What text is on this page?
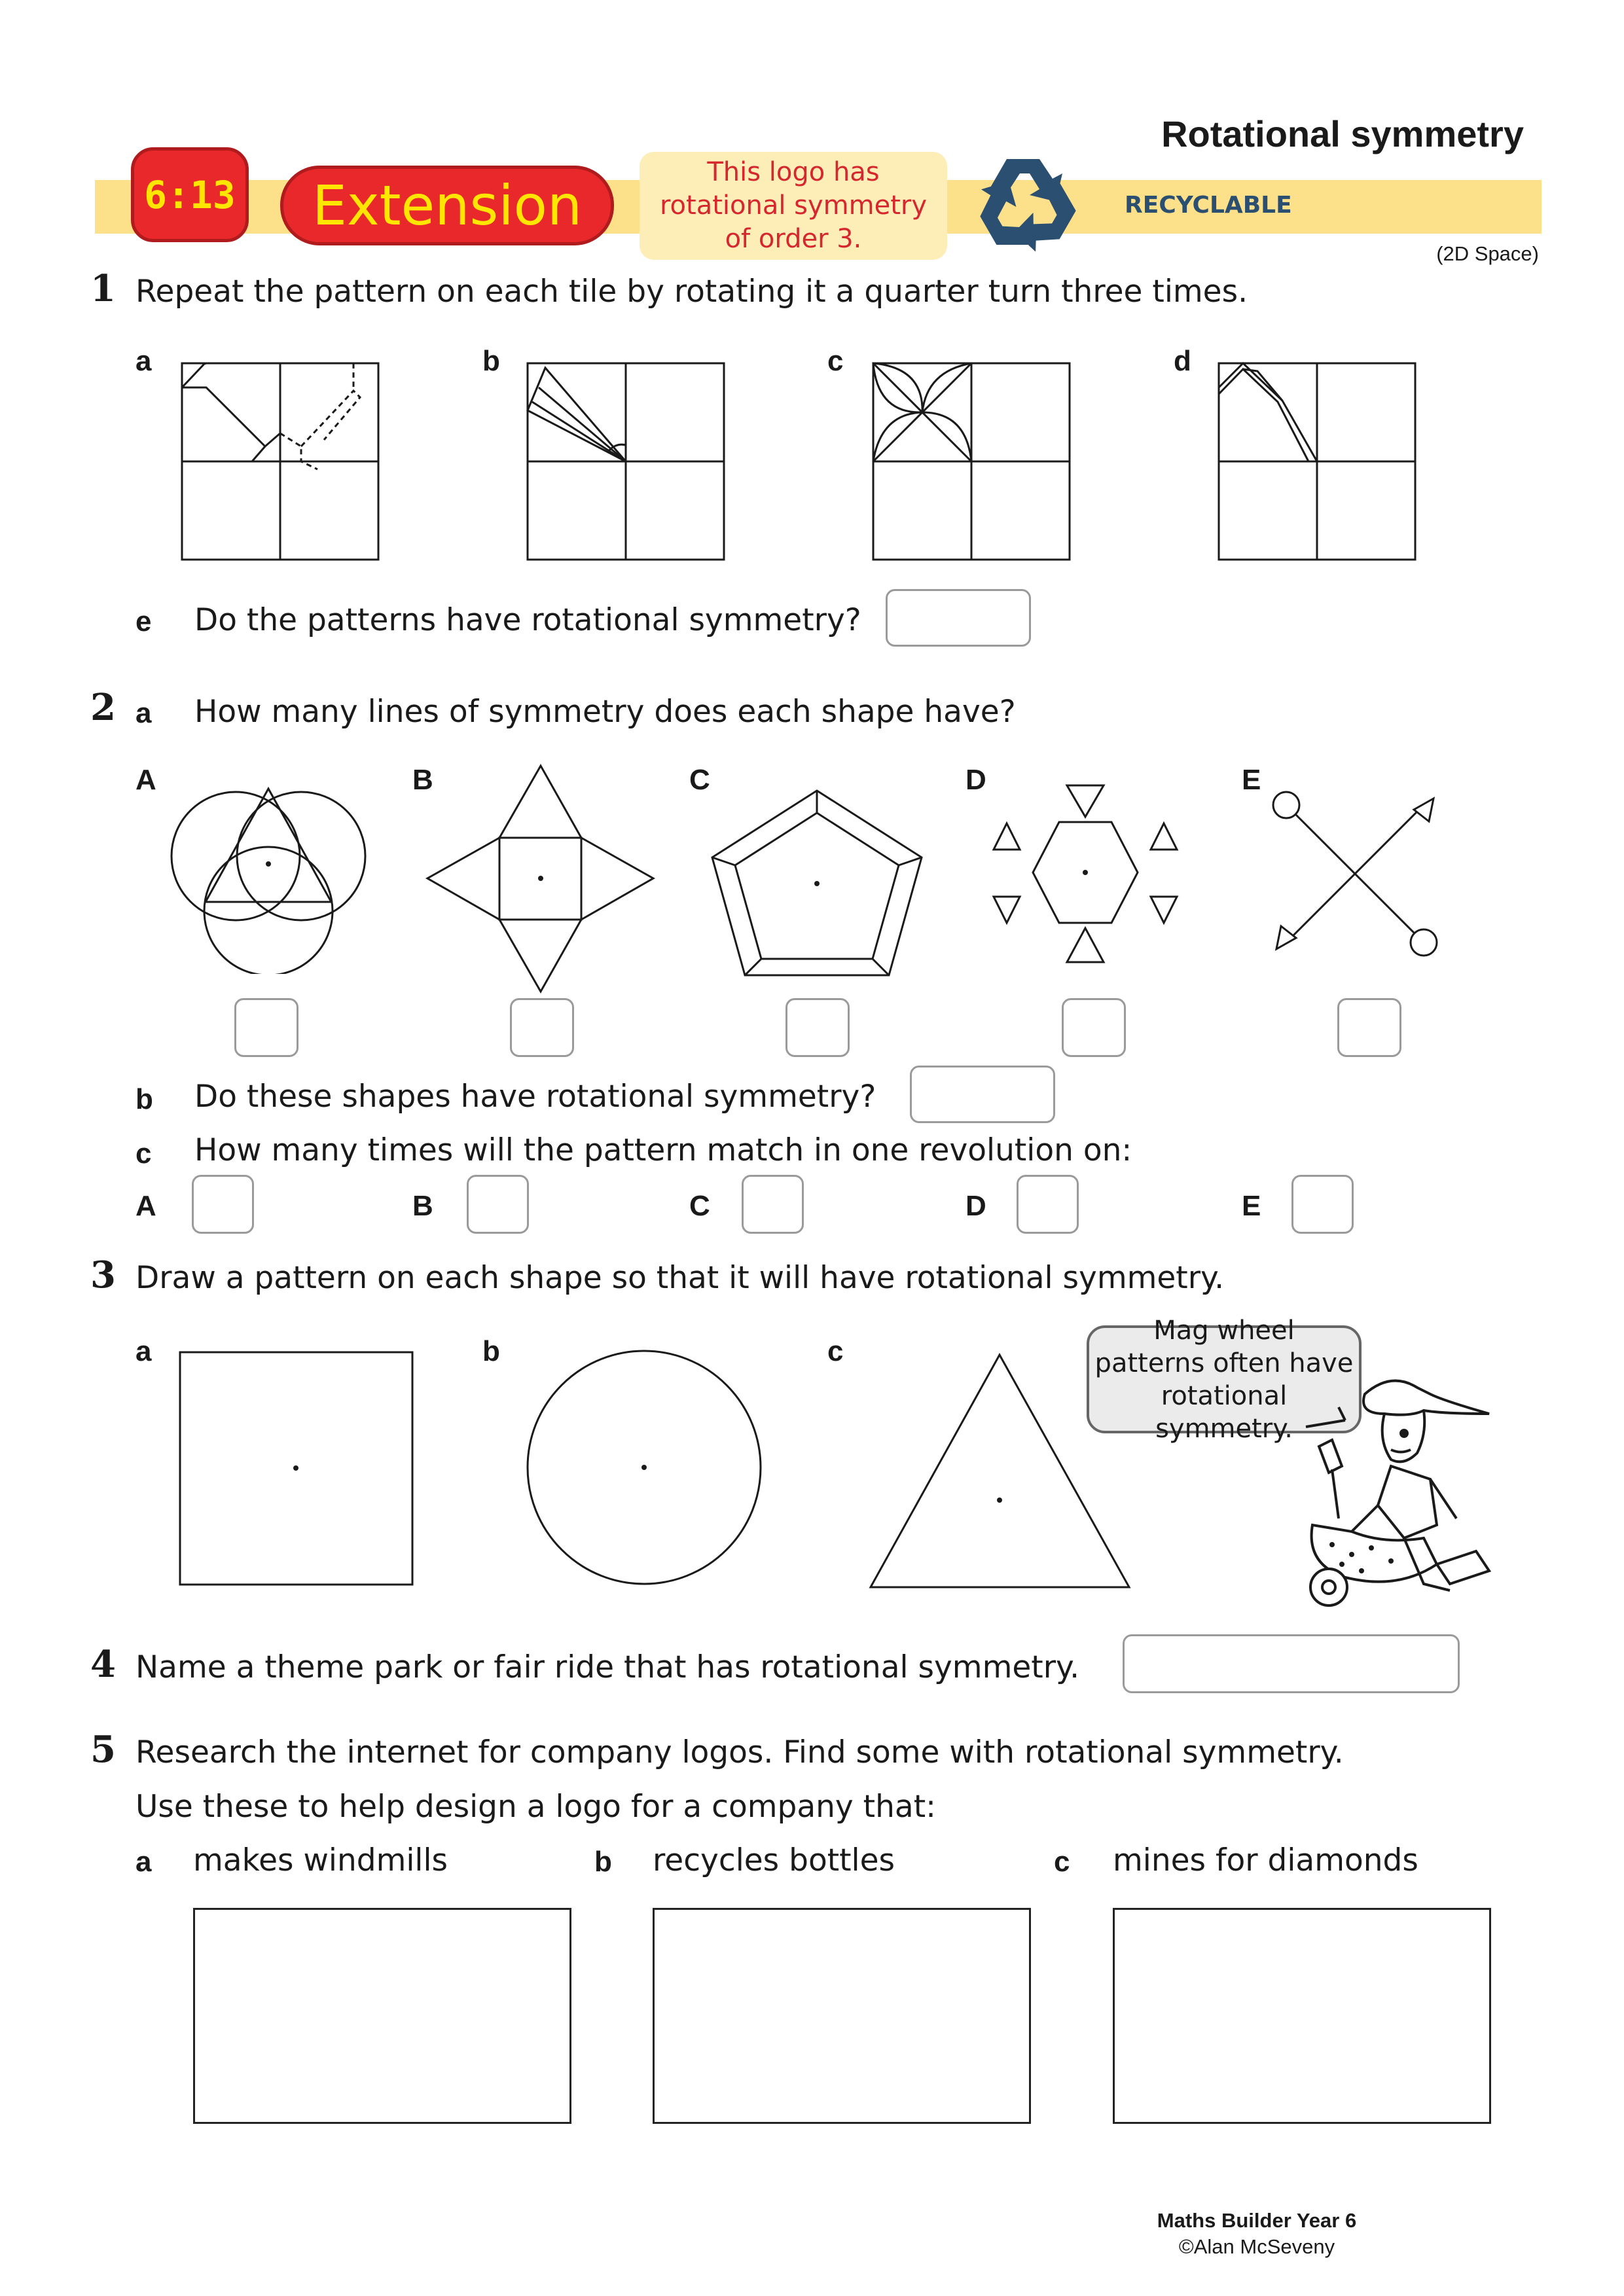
Rotational symmetry
6:13	Extension
This logo has
rotational symmetry
of order 3.
RECYCLABLE
(2D Space)
1 Repeat the pattern on each tile by rotating it a quarter turn three times.
a	b	c	d
e Do the patterns have rotational symmetry?
2 a How many lines of symmetry does each shape have?
A	B	C	D	E
b Do these shapes have rotational symmetry?
c How many times will the pattern match in one revolution on:
A	B	C	D	E
3 Draw a pattern on each shape so that it will have rotational symmetry.
a	b	c
Mag wheel
patterns often have
rotational symmetry.
4 Name a theme park or fair ride that has rotational symmetry.
5 Research the internet for company logos. Find some with rotational symmetry.
Use these to help design a logo for a company that:
a makes windmills	b recycles bottles	c mines for diamonds
Maths Builder Year 6
©Alan McSeveny
